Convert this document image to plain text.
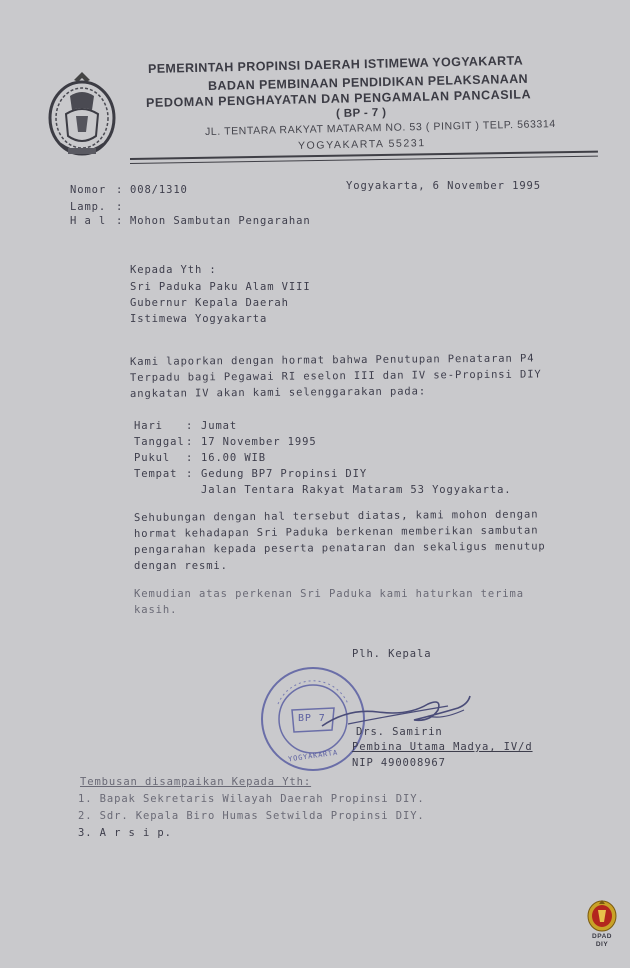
PEMERINTAH PROPINSI DAERAH ISTIMEWA YOGYAKARTA
BADAN PEMBINAAN PENDIDIKAN PELAKSANAAN
PEDOMAN PENGHAYATAN DAN PENGAMALAN PANCASILA
( BP - 7 )
JL. TENTARA RAKYAT MATARAM NO. 53 ( PINGIT ) TELP. 563314
YOGYAKARTA 55231
Nomor : 008/1310
Lamp. :
H a l : Mohon Sambutan Pengarahan
Yogyakarta, 6 November 1995
Kepada Yth :
Sri Paduka Paku Alam VIII
Gubernur Kepala Daerah
Istimewa Yogyakarta
Kami laporkan dengan hormat bahwa Penutupan Penataran P4
Terpadu bagi Pegawai RI eselon III dan IV se-Propinsi DIY
angkatan IV akan kami selenggarakan pada:
Hari : Jumat
Tanggal : 17 November 1995
Pukul : 16.00 WIB
Tempat : Gedung BP7 Propinsi DIY
Jalan Tentara Rakyat Mataram 53 Yogyakarta.
Sehubungan dengan hal tersebut diatas, kami mohon dengan
hormat kehadapan Sri Paduka berkenan memberikan sambutan
pengarahan kepada peserta penataran dan sekaligus menutup
dengan resmi.
Kemudian atas perkenan Sri Paduka kami haturkan terima
kasih.
Plh. Kepala
BP 7
YOGYAKARTA
Drs. Samirin
Pembina Utama Madya, IV/d
NIP 490008967
Tembusan disampaikan Kepada Yth:
1. Bapak Sekretaris Wilayah Daerah Propinsi DIY.
2. Sdr. Kepala Biro Humas Setwilda Propinsi DIY.
3. A r s i p.
DPAD
DIY
